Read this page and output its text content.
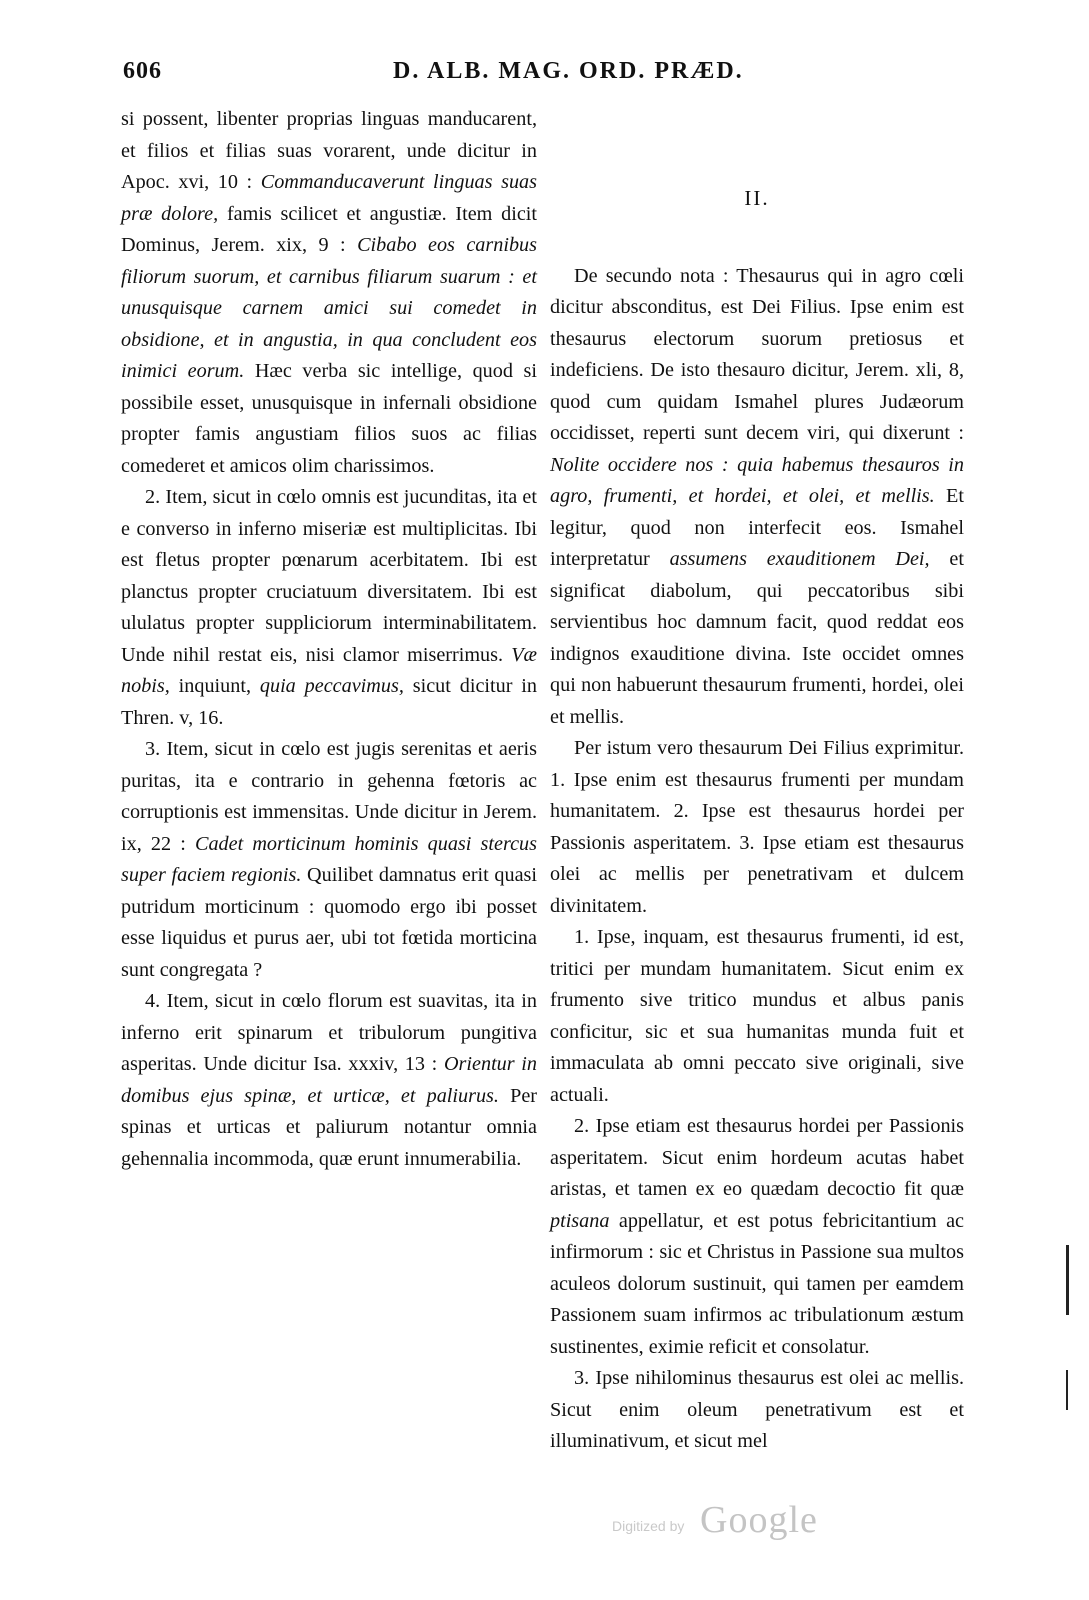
606	D. ALB. MAG. ORD. PRÆD.

si possent, libenter proprias linguas manducarent, et filios et filias suas vorarent, unde dicitur in Apoc. xvi, 10 : Commanducaverunt linguas suas præ dolore, famis scilicet et angustiæ. Item dicit Dominus, Jerem. xix, 9 : Cibabo eos carnibus filiorum suorum, et carnibus filiarum suarum : et unusquisque carnem amici sui comedet in obsidione, et in angustia, in qua concludent eos inimici eorum. Hæc verba sic intellige, quod si possibile esset, unusquisque in infernali obsidione propter famis angustiam filios suos ac filias comederet et amicos olim charissimos.

2. Item, sicut in cœlo omnis est jucunditas, ita et e converso in inferno miseriæ est multiplicitas. Ibi est fletus propter pœnarum acerbitatem. Ibi est planctus propter cruciatuum diversitatem. Ibi est ululatus propter suppliciorum interminabilitatem. Unde nihil restat eis, nisi clamor miserrimus. Væ nobis, inquiunt, quia peccavimus, sicut dicitur in Thren. v, 16.

3. Item, sicut in cœlo est jugis serenitas et aeris puritas, ita e contrario in gehenna fœtoris ac corruptionis est immensitas. Unde dicitur in Jerem. ix, 22 : Cadet morticinum hominis quasi stercus super faciem regionis. Quilibet damnatus erit quasi putridum morticinum : quomodo ergo ibi posset esse liquidus et purus aer, ubi tot fœtida morticina sunt congregata ?

4. Item, sicut in cœlo florum est suavitas, ita in inferno erit spinarum et tribulorum pungitiva asperitas. Unde dicitur Isa. xxxiv, 13 : Orientur in domibus ejus spinæ, et urticæ, et paliurus. Per spinas et urticas et paliurum notantur omnia gehennalia incommoda, quæ erunt innumerabilia.

II.

De secundo nota : Thesaurus qui in agro cœli dicitur absconditus, est Dei Filius. Ipse enim est thesaurus electorum suorum pretiosus et indeficiens. De isto thesauro dicitur, Jerem. xli, 8, quod cum quidam Ismahel plures Judæorum occidisset, reperti sunt decem viri, qui dixerunt : Nolite occidere nos : quia habemus thesauros in agro, frumenti, et hordei, et olei, et mellis. Et legitur, quod non interfecit eos. Ismahel interpretatur assumens exauditionem Dei, et significat diabolum, qui peccatoribus sibi servientibus hoc damnum facit, quod reddat eos indignos exauditione divina. Iste occidet omnes qui non habuerunt thesaurum frumenti, hordei, olei et mellis.

Per istum vero thesaurum Dei Filius exprimitur. 1. Ipse enim est thesaurus frumenti per mundam humanitatem. 2. Ipse est thesaurus hordei per Passionis asperitatem. 3. Ipse etiam est thesaurus olei ac mellis per penetrativam et dulcem divinitatem.

1. Ipse, inquam, est thesaurus frumenti, id est, tritici per mundam humanitatem. Sicut enim ex frumento sive tritico mundus et albus panis conficitur, sic et sua humanitas munda fuit et immaculata ab omni peccato sive originali, sive actuali.

2. Ipse etiam est thesaurus hordei per Passionis asperitatem. Sicut enim hordeum acutas habet aristas, et tamen ex eo quædam decoctio fit quæ ptisana appellatur, et est potus febricitantium ac infirmorum : sic et Christus in Passione sua multos aculeos dolorum sustinuit, qui tamen per eamdem Passionem suam infirmos ac tribulationum æstum sustinentes, eximie reficit et consolatur.

3. Ipse nihilominus thesaurus est olei ac mellis. Sicut enim oleum penetrativum est et illuminativum, et sicut mel

Digitized by Google
